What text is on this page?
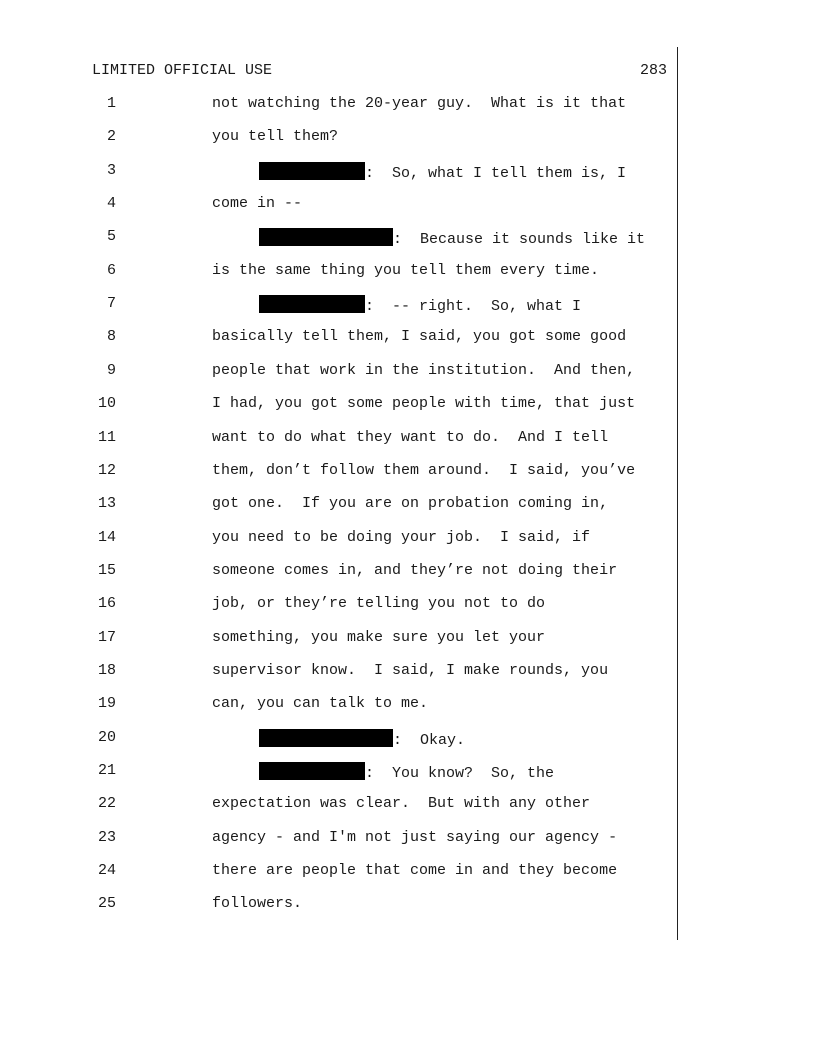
LIMITED OFFICIAL USE	283
1	not watching the 20-year guy.  What is it that
2	you tell them?
3	:  So, what I tell them is, I
4	come in --
5	:  Because it sounds like it
6	is the same thing you tell them every time.
7	:  -- right.  So, what I
8	basically tell them, I said, you got some good
9	people that work in the institution.  And then,
10	I had, you got some people with time, that just
11	want to do what they want to do.  And I tell
12	them, don’t follow them around.  I said, you’ve
13	got one.  If you are on probation coming in,
14	you need to be doing your job.  I said, if
15	someone comes in, and they’re not doing their
16	job, or they’re telling you not to do
17	something, you make sure you let your
18	supervisor know.  I said, I make rounds, you
19	can, you can talk to me.
20	:  Okay.
21	:  You know?  So, the
22	expectation was clear.  But with any other
23	agency - and I'm not just saying our agency -
24	there are people that come in and they become
25	followers.
